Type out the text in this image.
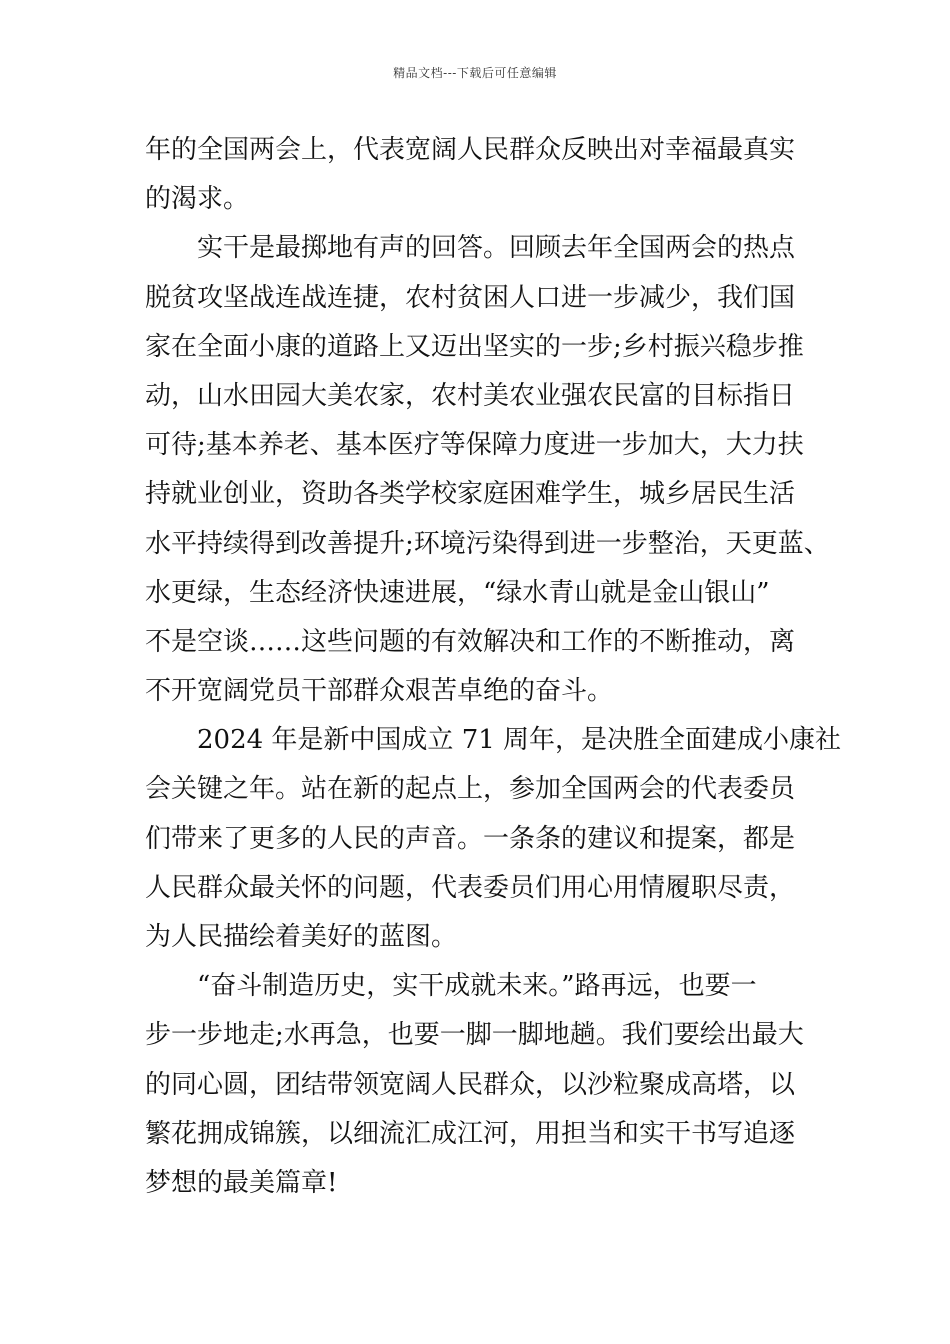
精品文档---下载后可任意编辑
年的全国两会上，代表宽阔人民群众反映出对幸福最真实
的渴求。
实干是最掷地有声的回答。回顾去年全国两会的热点
脱贫攻坚战连战连捷，农村贫困人口进一步减少，我们国
家在全面小康的道路上又迈出坚实的一步;乡村振兴稳步推
动，山水田园大美农家，农村美农业强农民富的目标指日
可待;基本养老、基本医疗等保障力度进一步加大，大力扶
持就业创业，资助各类学校家庭困难学生，城乡居民生活
水平持续得到改善提升;环境污染得到进一步整治，天更蓝、
水更绿，生态经济快速进展，“绿水青山就是金山银山”
不是空谈……这些问题的有效解决和工作的不断推动，离
不开宽阔党员干部群众艰苦卓绝的奋斗。
2024 年是新中国成立 71 周年，是决胜全面建成小康社
会关键之年。站在新的起点上，参加全国两会的代表委员
们带来了更多的人民的声音。一条条的建议和提案，都是
人民群众最关怀的问题，代表委员们用心用情履职尽责，
为人民描绘着美好的蓝图。
“奋斗制造历史，实干成就未来。”路再远，也要一
步一步地走;水再急，也要一脚一脚地趟。我们要绘出最大
的同心圆，团结带领宽阔人民群众，以沙粒聚成高塔，以
繁花拥成锦簇，以细流汇成江河，用担当和实干书写追逐
梦想的最美篇章!
